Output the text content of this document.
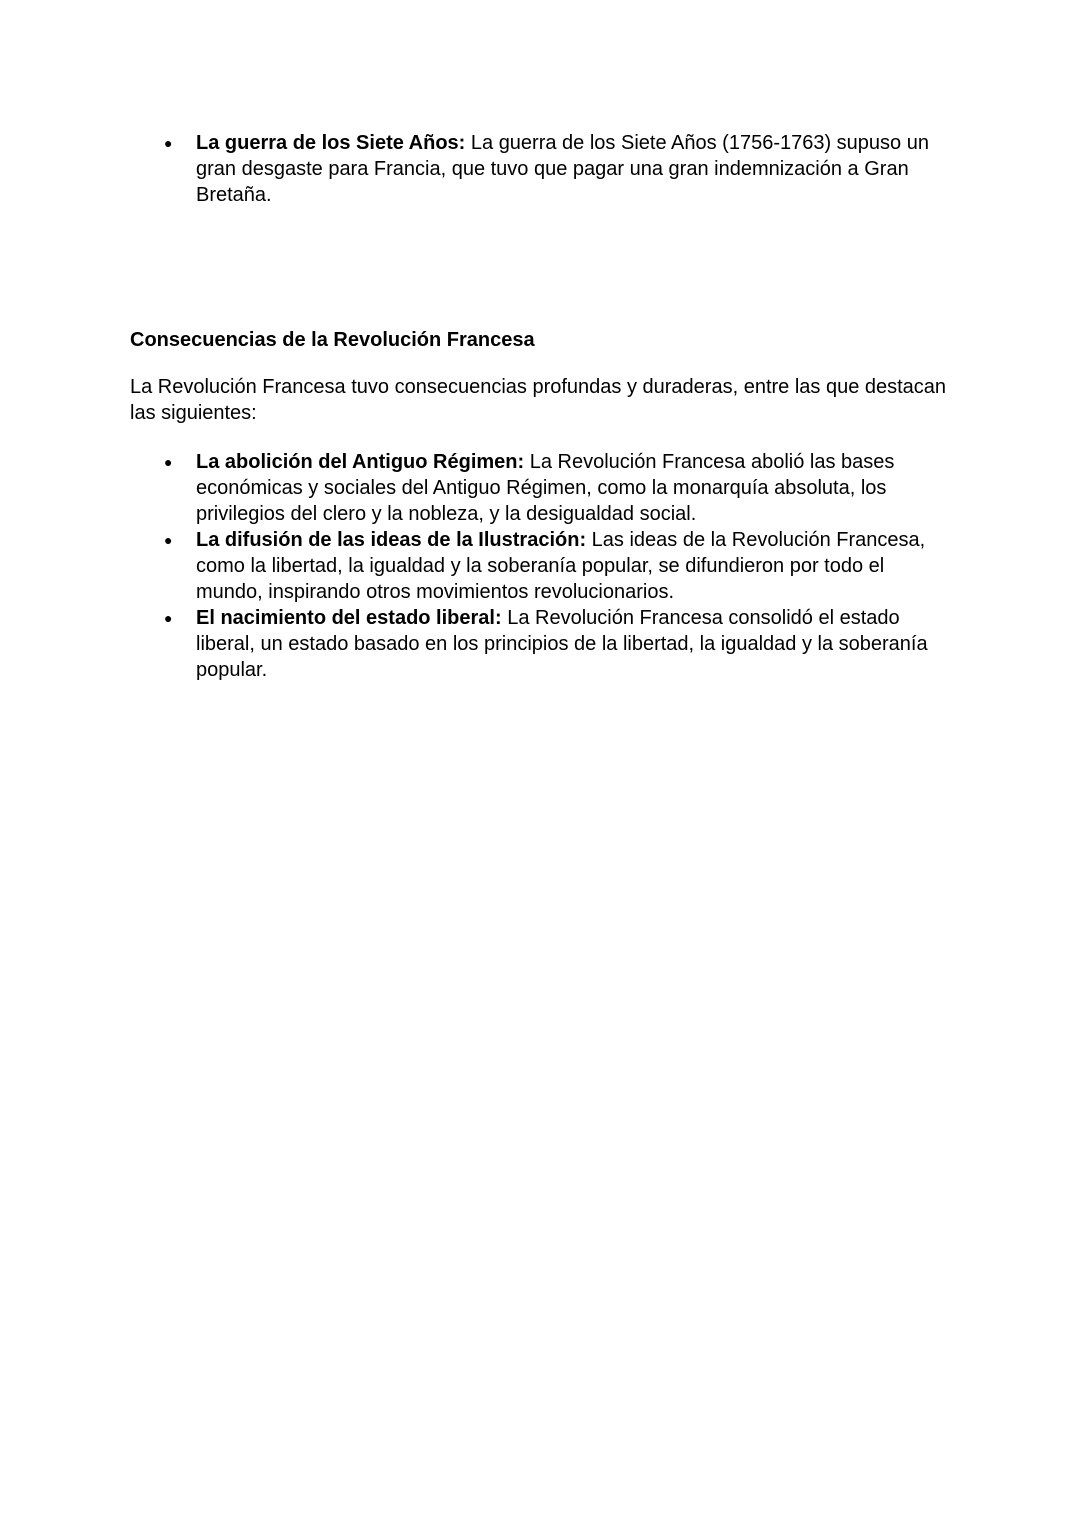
● La guerra de los Siete Años: La guerra de los Siete Años (1756-1763) supuso un gran desgaste para Francia, que tuvo que pagar una gran indemnización a Gran Bretaña.
Consecuencias de la Revolución Francesa

La Revolución Francesa tuvo consecuencias profundas y duraderas, entre las que destacan las siguientes:

● La abolición del Antiguo Régimen: La Revolución Francesa abolió las bases económicas y sociales del Antiguo Régimen, como la monarquía absoluta, los privilegios del clero y la nobleza, y la desigualdad social.
● La difusión de las ideas de la Ilustración: Las ideas de la Revolución Francesa, como la libertad, la igualdad y la soberanía popular, se difundieron por todo el mundo, inspirando otros movimientos revolucionarios.
● El nacimiento del estado liberal: La Revolución Francesa consolidó el estado liberal, un estado basado en los principios de la libertad, la igualdad y la soberanía popular.
